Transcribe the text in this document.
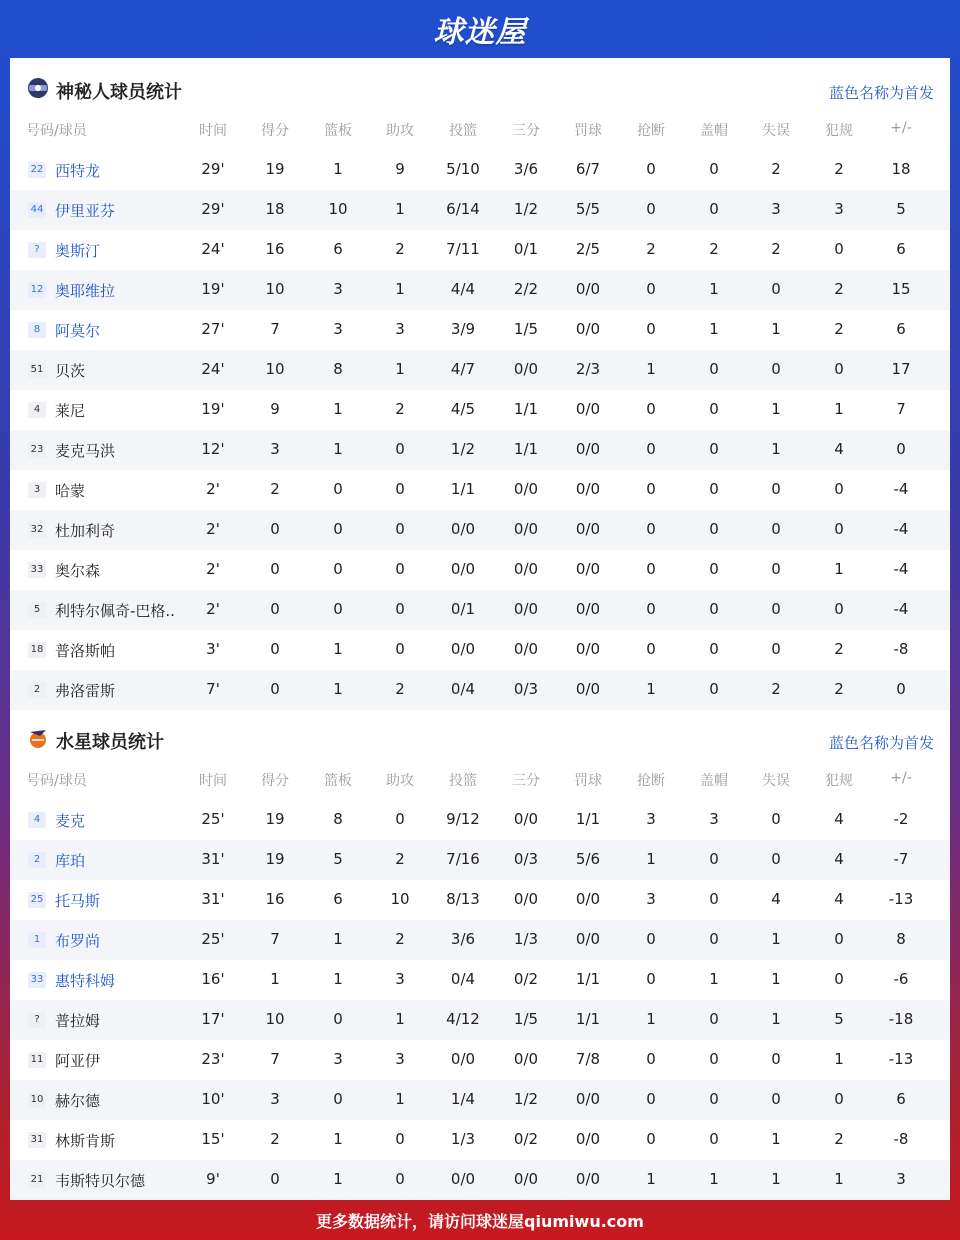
球迷屋
神秘人球员统计	蓝色名称为首发
号码/球员	时间	得分	篮板	助攻	投篮	三分	罚球	抢断	盖帽	失误	犯规	+/-
22 西特龙	29'	19	1	9	5/10	3/6	6/7	0	0	2	2	18
44 伊里亚芬	29'	18	10	1	6/14	1/2	5/5	0	0	3	3	5
?	奥斯汀	24'	16	6	2	7/11	0/1	2/5	2	2	2	0	6
12 奥耶维拉	19'	10	3	1	4/4	2/2	0/0	0	1	0	2	15
8 阿莫尔	27'	7	3	3	3/9	1/5	0/0	0	1	1	2	6
51 贝茨	24'	10	8	1	4/7	0/0	2/3	1	0	0	0	17
4 莱尼	19'	9	1	2	4/5	1/1	0/0	0	0	1	1	7
23 麦克马洪	12'	3	1	0	1/2	1/1	0/0	0	0	1	4	0
3 哈蒙	2'	2	0	0	1/1	0/0	0/0	0	0	0	0	-4
32 杜加利奇	2'	0	0	0	0/0	0/0	0/0	0	0	0	0	-4
33 奥尔森	2'	0	0	0	0/0	0/0	0/0	0	0	0	1	-4
5 利特尔佩奇-巴格..	2'	0	0	0	0/1	0/0	0/0	0	0	0	0	-4
18 普洛斯帕	3'	0	1	0	0/0	0/0	0/0	0	0	0	2	-8
2 弗洛雷斯	7'	0	1	2	0/4	0/3	0/0	1	0	2	2	0
水星球员统计	蓝色名称为首发
号码/球员	时间	得分	篮板	助攻	投篮	三分	罚球	抢断	盖帽	失误	犯规	+/-
4 麦克	25'	19	8	0	9/12	0/0	1/1	3	3	0	4	-2
2 库珀	31'	19	5	2	7/16	0/3	5/6	1	0	0	4	-7
25 托马斯	31'	16	6	10	8/13	0/0	0/0	3	0	4	4	-13
1 布罗尚	25'	7	1	2	3/6	1/3	0/0	0	0	1	0	8
33 惠特科姆	16'	1	1	3	0/4	0/2	1/1	0	1	1	0	-6
?	普拉姆	17'	10	0	1	4/12	1/5	1/1	1	0	1	5	-18
11 阿亚伊	23'	7	3	3	0/0	0/0	7/8	0	0	0	1	-13
10 赫尔德	10'	3	0	1	1/4	1/2	0/0	0	0	0	0	6
31 林斯肯斯	15'	2	1	0	1/3	0/2	0/0	0	0	1	2	-8
21 韦斯特贝尔德	9'	0	1	0	0/0	0/0	0/0	1	1	1	1	3
更多数据统计，请访问球迷屋qiumiwu.com
